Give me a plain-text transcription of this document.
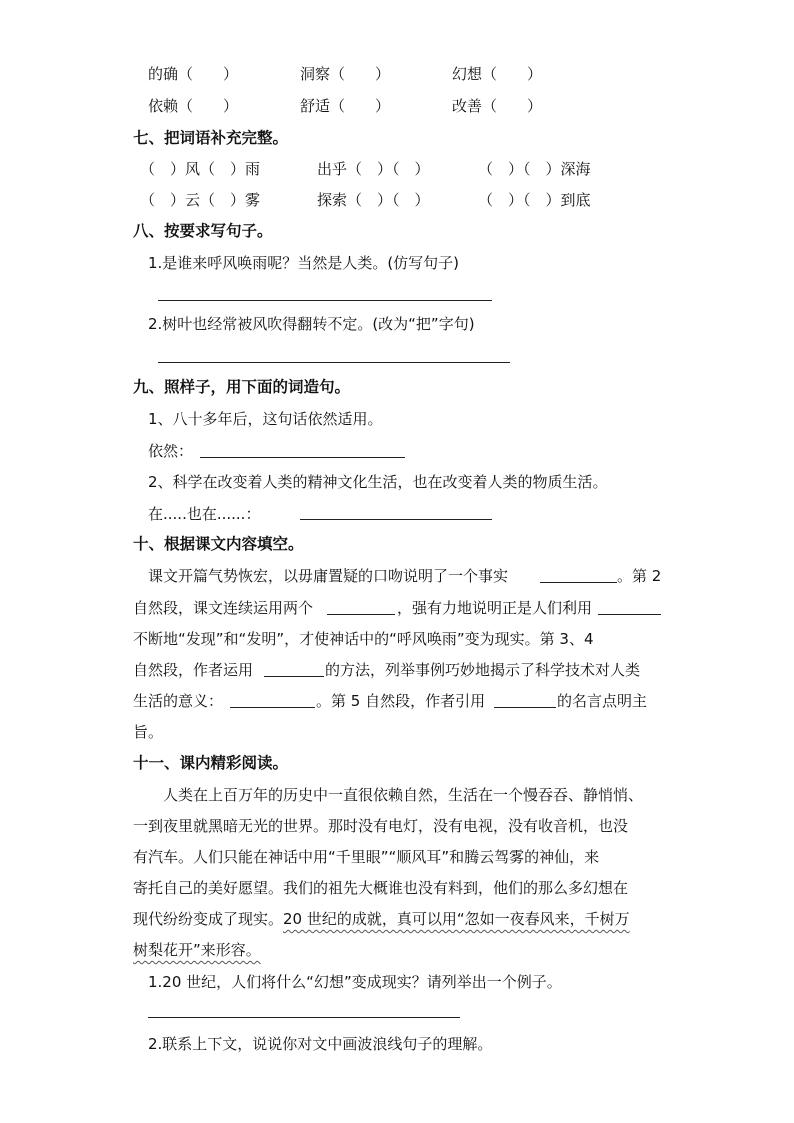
的确（　　）	洞察（　　）	幻想（　　）
依赖（　　）	舒适（　　）	改善（　　）
七、把词语补充完整。
（　）风（　）雨	出乎（　）（　）	（　）（　）深海
（　）云（　）雾	探索（　）（　）	（　）（　）到底
八、按要求写句子。
1.是谁来呼风唤雨呢？当然是人类。(仿写句子)
2.树叶也经常被风吹得翻转不定。(改为“把”字句)
九、照样子，用下面的词造句。
1、八十多年后，这句话依然适用。
依然：
2、科学在改变着人类的精神文化生活，也在改变着人类的物质生活。
在.....也在......：
十、根据课文内容填空。
课文开篇气势恢宏，以毋庸置疑的口吻说明了一个事实	。第 2
自然段，课文连续运用两个	，强有力地说明正是人们利用
不断地“发现”和“发明”，才使神话中的“呼风唤雨”变为现实。第 3、4
自然段，作者运用	的方法，列举事例巧妙地揭示了科学技术对人类
生活的意义：	。第 5 自然段，作者引用	的名言点明主
旨。
十一、课内精彩阅读。
人类在上百万年的历史中一直很依赖自然，生活在一个慢吞吞、静悄悄、
一到夜里就黑暗无光的世界。那时没有电灯，没有电视，没有收音机，也没
有汽车。人们只能在神话中用“千里眼”“顺风耳”和腾云驾雾的神仙，来
寄托自己的美好愿望。我们的祖先大概谁也没有料到，他们的那么多幻想在
现代纷纷变成了现实。20 世纪的成就，真可以用“忽如一夜春风来，千树万
树梨花开”来形容。
1.20 世纪，人们将什么“幻想”变成现实？请列举出一个例子。
2.联系上下文，说说你对文中画波浪线句子的理解。
